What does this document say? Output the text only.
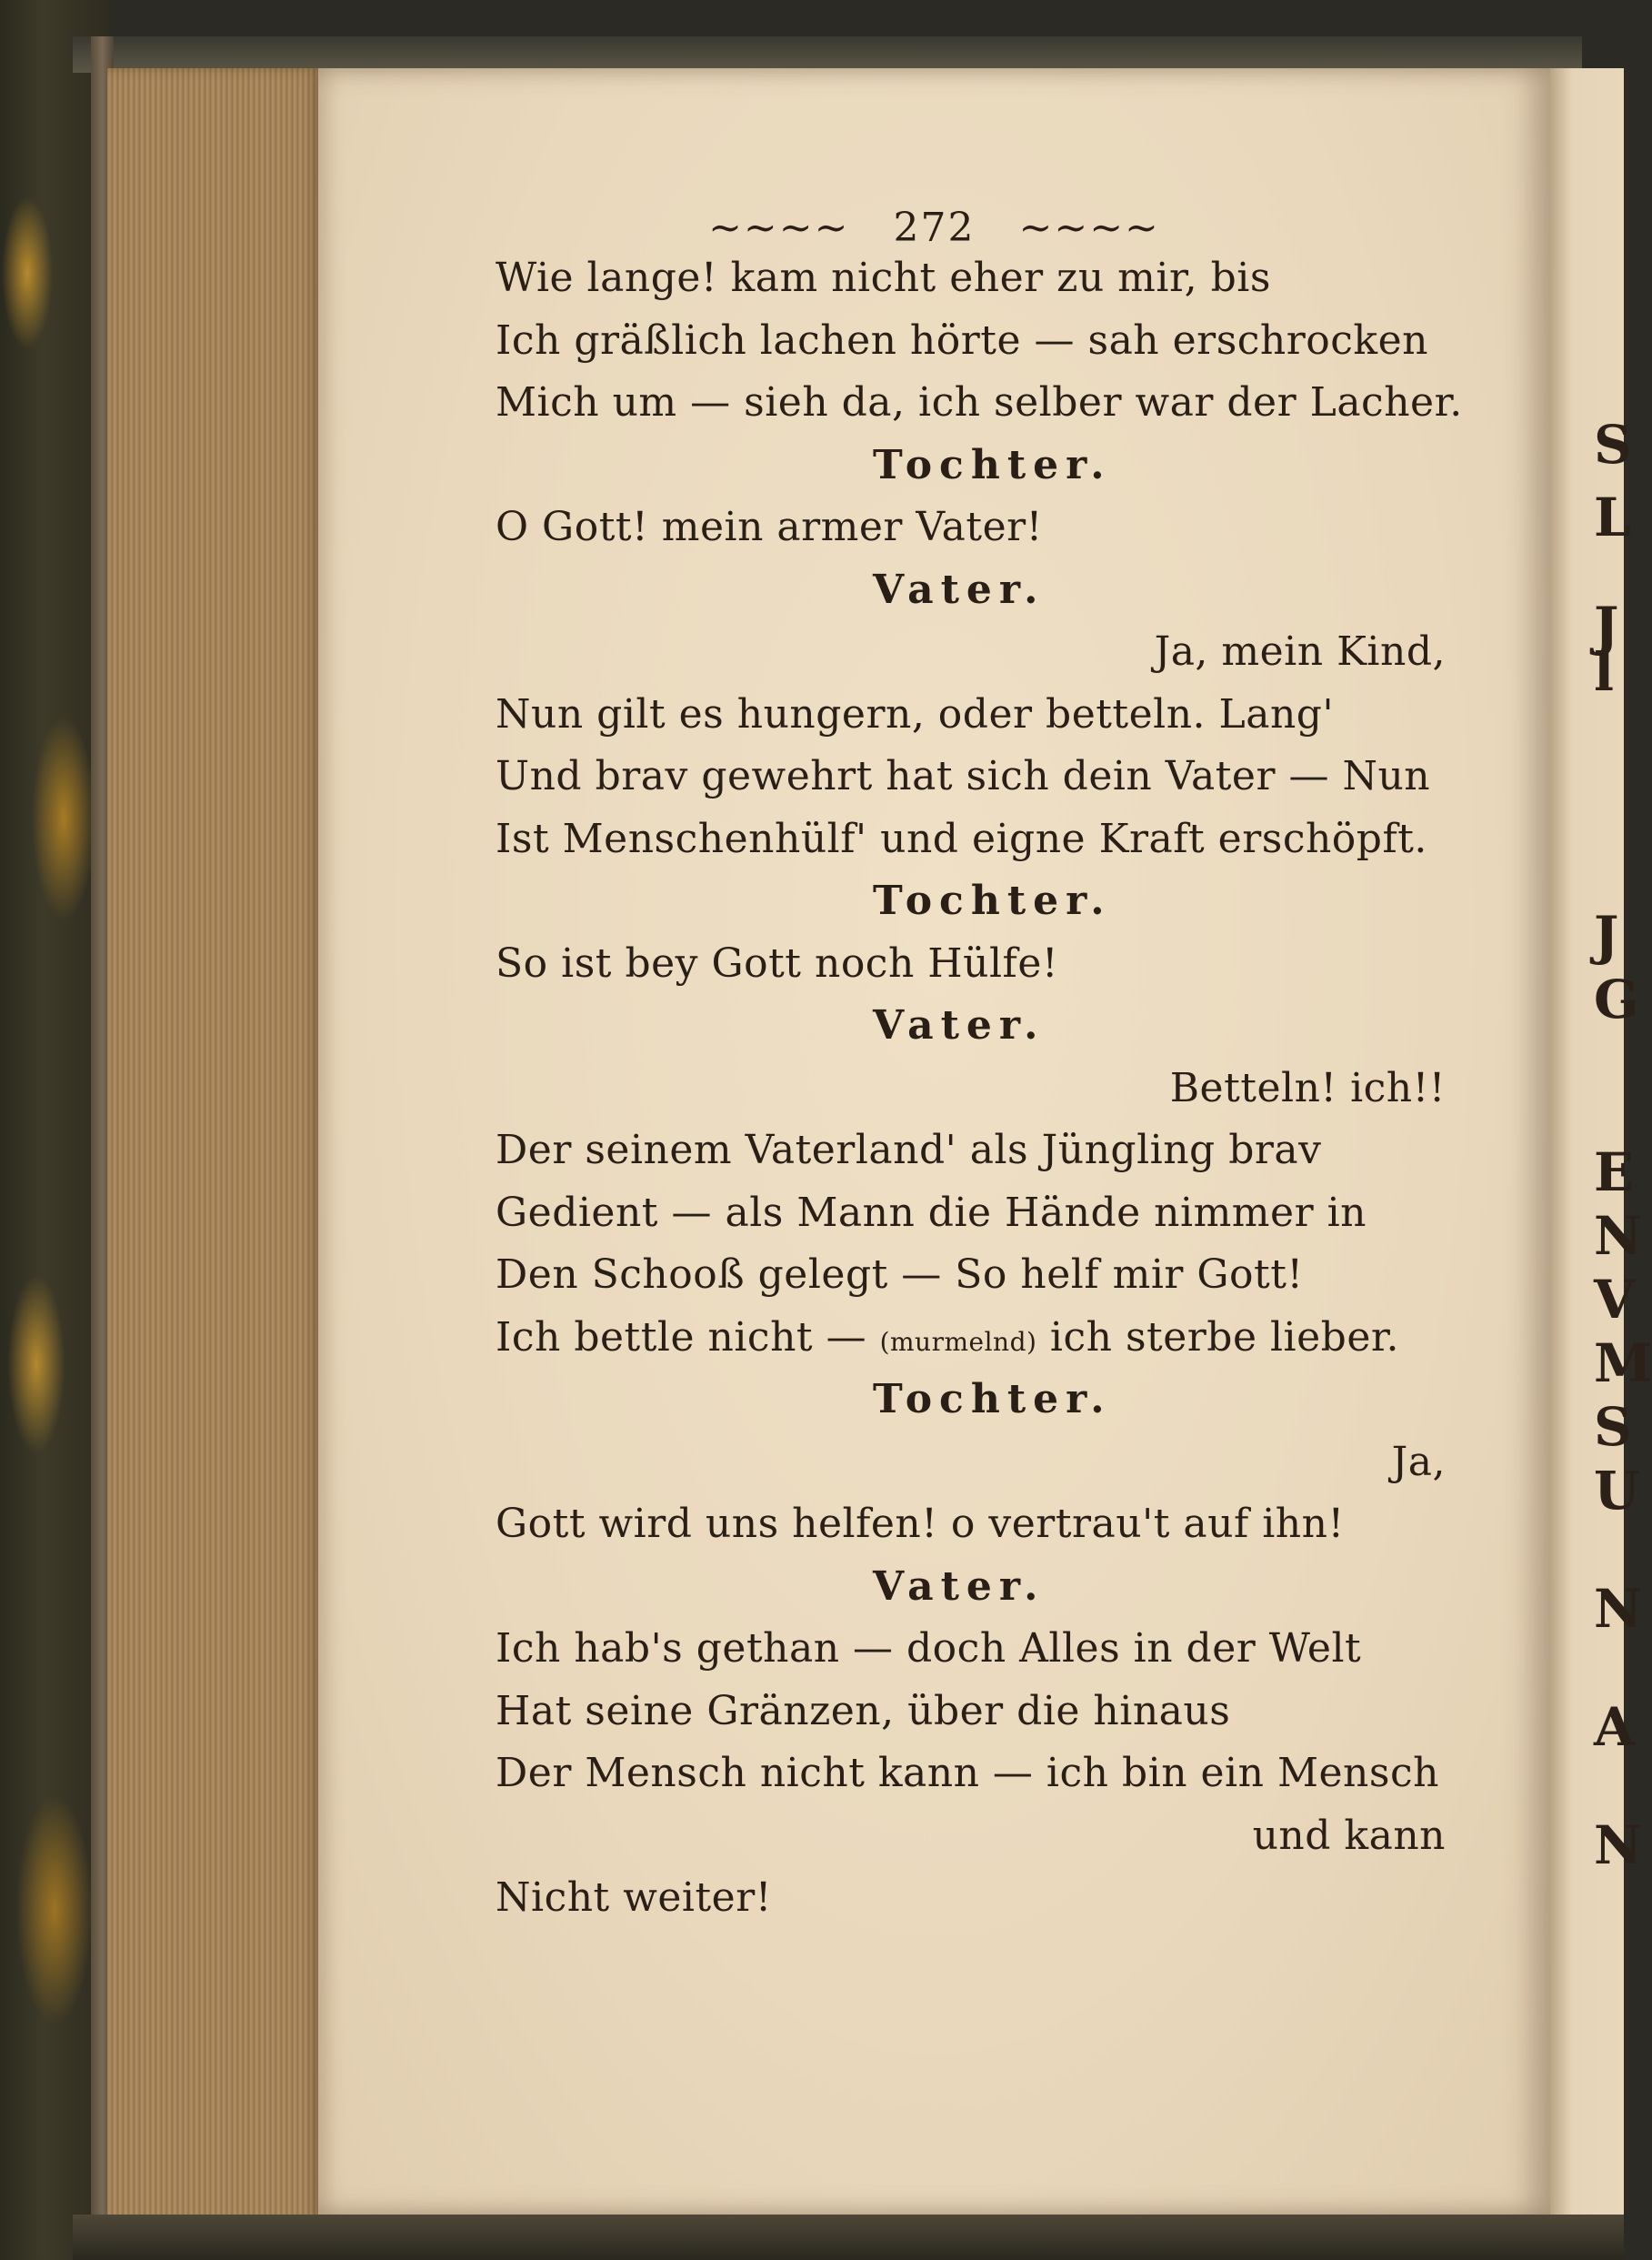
~~~~ 272 ~~~~
Wie lange! kam nicht eher zu mir, bis
Ich gräßlich lachen hörte — sah erschrocken
Mich um — sieh da, ich selber war der Lacher.
Tochter.
O Gott! mein armer Vater!
Vater.
Ja, mein Kind,
Nun gilt es hungern, oder betteln. Lang'
Und brav gewehrt hat sich dein Vater — Nun
Ist Menschenhülf' und eigne Kraft erschöpft.
Tochter.
So ist bey Gott noch Hülfe!
Vater.
Betteln! ich!!
Der seinem Vaterland' als Jüngling brav
Gedient — als Mann die Hände nimmer in
Den Schooß gelegt — So helf mir Gott!
Ich bettle nicht — (murmelnd) ich sterbe lieber.
Tochter.
Ja,
Gott wird uns helfen! o vertrau't auf ihn!
Vater.
Ich hab's gethan — doch Alles in der Welt
Hat seine Gränzen, über die hinaus
Der Mensch nicht kann — ich bin ein Mensch
und kann
Nicht weiter!
S
L
J
l
J
G
E
N
V
M
S
U
N
A
N
